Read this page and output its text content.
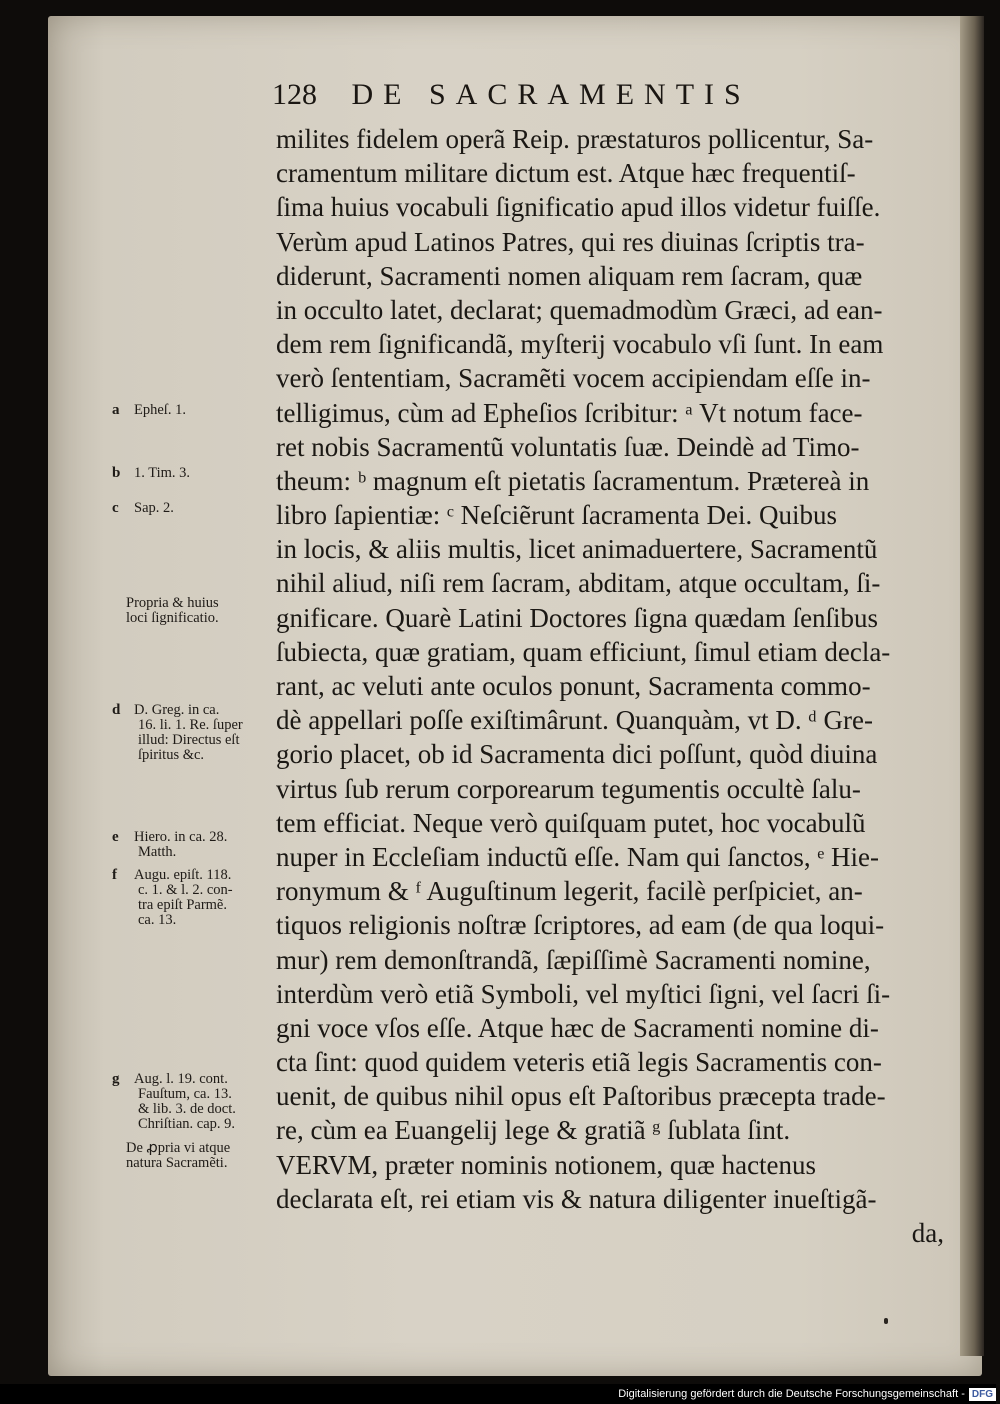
128 DE SACRAMENTIS
milites fidelem operã Reip. præstaturos pollicentur, Sa-
cramentum militare dictum est. Atque hæc frequentiſ-
ſima huius vocabuli ſignificatio apud illos videtur fuiſſe.
Verùm apud Latinos Patres, qui res diuinas ſcriptis tra-
diderunt, Sacramenti nomen aliquam rem ſacram, quæ
in occulto latet, declarat; quemadmodùm Græci, ad ean-
dem rem ſignificandã, myſterij vocabulo vſi ſunt. In eam
verò ſententiam, Sacramẽti vocem accipiendam eſſe in-
telligimus, cùm ad Epheſios ſcribitur: ᵃ Vt notum face-
ret nobis Sacramentũ voluntatis ſuæ. Deindè ad Timo-
theum: ᵇ magnum eſt pietatis ſacramentum. Prætereà in
libro ſapientiæ: ᶜ Neſciẽrunt ſacramenta Dei. Quibus
in locis, & aliis multis, licet animaduertere, Sacramentũ
nihil aliud, niſi rem ſacram, abditam, atque occultam, ſi-
gnificare. Quarè Latini Doctores ſigna quædam ſenſibus
ſubiecta, quæ gratiam, quam efficiunt, ſimul etiam decla-
rant, ac veluti ante oculos ponunt, Sacramenta commo-
dè appellari poſſe exiſtimârunt. Quanquàm, vt D. ᵈ Gre-
gorio placet, ob id Sacramenta dici poſſunt, quòd diuina
virtus ſub rerum corporearum tegumentis occultè ſalu-
tem efficiat. Neque verò quiſquam putet, hoc vocabulũ
nuper in Eccleſiam inductũ eſſe. Nam qui ſanctos, ᵉ Hie-
ronymum & ᶠ Auguſtinum legerit, facilè perſpiciet, an-
tiquos religionis noſtræ ſcriptores, ad eam (de qua loqui-
mur) rem demonſtrandã, ſæpiſſimè Sacramenti nomine,
interdùm verò etiã Symboli, vel myſtici ſigni, vel ſacri ſi-
gni voce vſos eſſe. Atque hæc de Sacramenti nomine di-
cta ſint: quod quidem veteris etiã legis Sacramentis con-
uenit, de quibus nihil opus eſt Paſtoribus præcepta trade-
re, cùm ea Euangelij lege & gratiã ᵍ ſublata ſint.
VERVM, præter nominis notionem, quæ hactenus
declarata eſt, rei etiam vis & natura diligenter inueſtigã-
da,
a Epheſ. 1.
b 1. Tim. 3.
c Sap. 2.
Propria & huius
loci ſignificatio.
d D. Greg. in ca.
16. li. 1. Re. ſuper
illud: Directus eſt
ſpiritus &c.
e Hiero. in ca. 28.
Matth.
f Augu. epiſt. 118.
c. 1. & l. 2. con-
tra epiſt Parmẽ.
ca. 13.
g Aug. l. 19. cont.
Fauſtum, ca. 13.
& lib. 3. de doct.
Chriſtian. cap. 9.
De ꝓpria vi atque
natura Sacramẽti.
Digitalisierung gefördert durch die Deutsche Forschungsgemeinschaft - DFG
